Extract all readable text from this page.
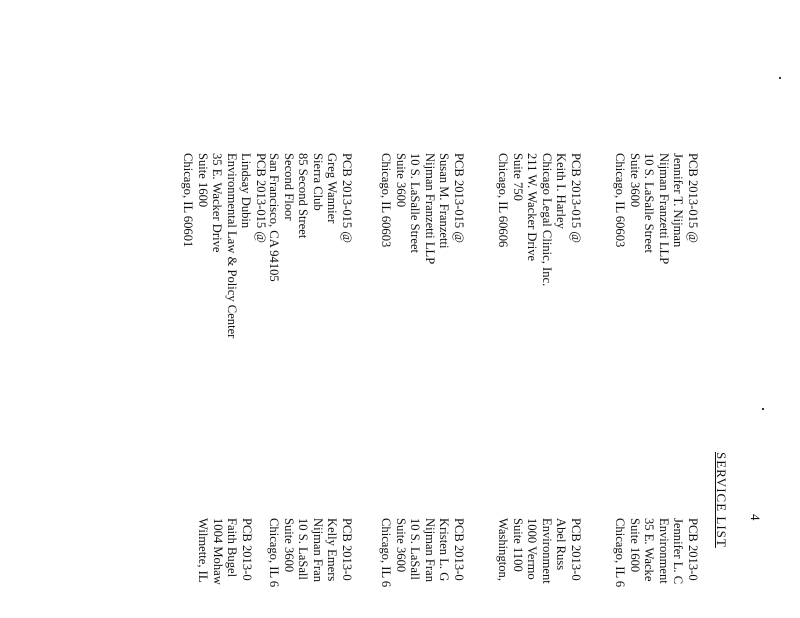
4
SERVICE LIST
PCB 2013-015 @
Jennifer T. Nijman
Nijman Franzetti LLP
10 S. LaSalle Street
Suite 3600
Chicago, IL 60603
PCB 2013-015 @
Keith I. Harley
Chicago Legal Clinic, Inc.
211 W. Wacker Drive
Suite 750
Chicago, IL 60606
PCB 2013-015 @
Susan M. Franzetti
Nijman Franzetti LLP
10 S. LaSalle Street
Suite 3600
Chicago, IL 60603
PCB 2013-015 @
Greg Wannier
Sierra Club
85 Second Street
Second Floor
San Francisco, CA 94105
PCB 2013-015 @
Lindsay Dubin
Environmental Law & Policy Center
35 E. Wacker Drive
Suite 1600
Chicago, IL 60601
PCB 2013-0
Jennifer L. C
Environment
35 E. Wacke
Suite 1600
Chicago, IL 6
PCB 2013-0
Abel Russ
Environment
1000 Vermo
Suite 1100
Washington,
PCB 2013-0
Kristen L. G
Nijman Fran
10 S. LaSall
Suite 3600
Chicago, IL 6
PCB 2013-0
Kelly Emers
Nijman Fran
10 S. LaSall
Suite 3600
Chicago, IL 6
PCB 2013-0
Faith Bugel
1004 Mohaw
Wilmette, IL
